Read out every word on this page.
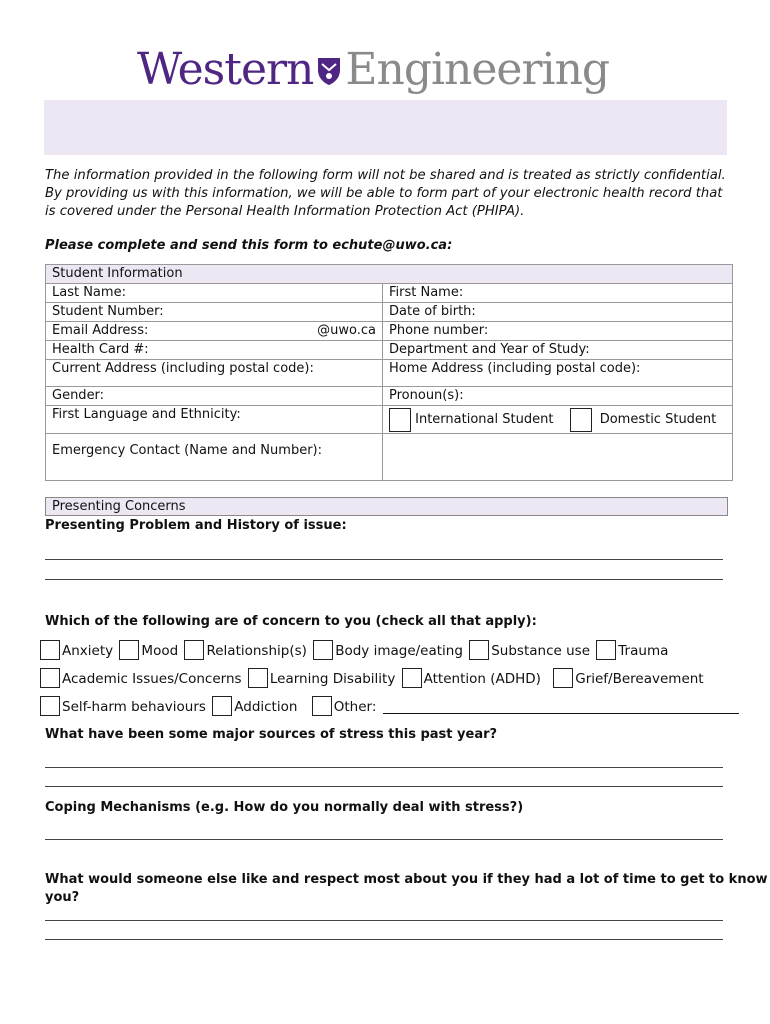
Western Engineering
The information provided in the following form will not be shared and is treated as strictly confidential.
By providing us with this information, we will be able to form part of your electronic health record that
is covered under the Personal Health Information Protection Act (PHIPA).
Please complete and send this form to echute@uwo.ca:
Student Information	
Last Name:	First Name:
Student Number:	Date of birth:
Email Address: @uwo.ca	Phone number:
Health Card #:	Department and Year of Study:
Current Address (including postal code):	Home Address (including postal code):
Gender:	Pronoun(s):
First Language and Ethnicity:	International Student Domestic Student
Emergency Contact (Name and Number):	
Presenting Concerns
Presenting Problem and History of issue:
Which of the following are of concern to you (check all that apply):
Anxiety Mood Relationship(s) Body image/eating Substance use Trauma
Academic Issues/Concerns Learning Disability Attention (ADHD)	Grief/Bereavement
Self-harm behaviours Addiction	Other:
What have been some major sources of stress this past year?
Coping Mechanisms (e.g. How do you normally deal with stress?)
What would someone else like and respect most about you if they had a lot of time to get to know
you?
